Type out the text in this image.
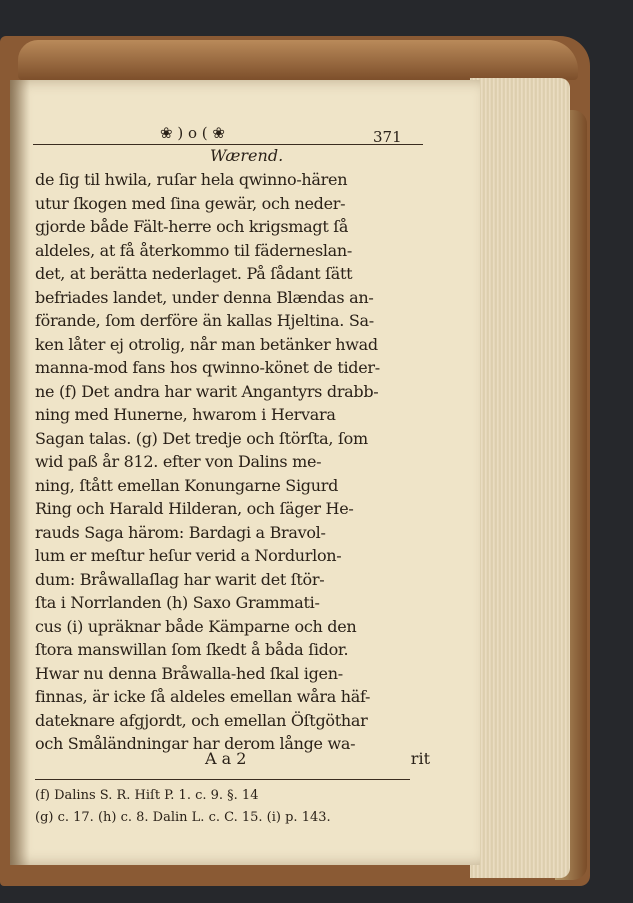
❀ ) o ( ❀	371
Wærend.
de ſig til hwila, ruſar hela qwinno-hären
utur ſkogen med ſina gewär, och neder-
gjorde både Fält-herre och krigsmagt ſå
aldeles, at få återkommo til fäderneslan-
det, at berätta nederlaget. På ſådant ſätt
befriades landet, under denna Blændas an-
förande, ſom derföre än kallas Hjeltina. Sa-
ken låter ej otrolig, når man betänker hwad
manna-mod fans hos qwinno-könet de tider-
ne (f) Det andra har warit Angantyrs drabb-
ning med Hunerne, hwarom i Hervara
Sagan talas. (g) Det tredje och ſtörſta, ſom
wid paß år 812. efter von Dalins me-
ning, ſtått emellan Konungarne Sigurd
Ring och Harald Hilderan, och ſäger He-
rauds Saga härom: Bardagi a Bravol-
lum er meſtur heſur verid a Nordurlon-
dum: Bråwallaſlag har warit det ſtör-
ſta i Norrlanden (h) Saxo Grammati-
cus (i) upräknar både Kämparne och den
ſtora manswillan ſom ſkedt å båda ſidor.
Hwar nu denna Bråwalla-hed ſkal igen-
finnas, är icke ſå aldeles emellan wåra häf-
dateknare afgjordt, och emellan Öſtgöthar
och Småländningar har derom långe wa-
A a 2	rit
(f) Dalins S. R. Hiſt P. 1. c. 9. §. 14
(g) c. 17. (h) c. 8. Dalin L. c. C. 15. (i) p. 143.
